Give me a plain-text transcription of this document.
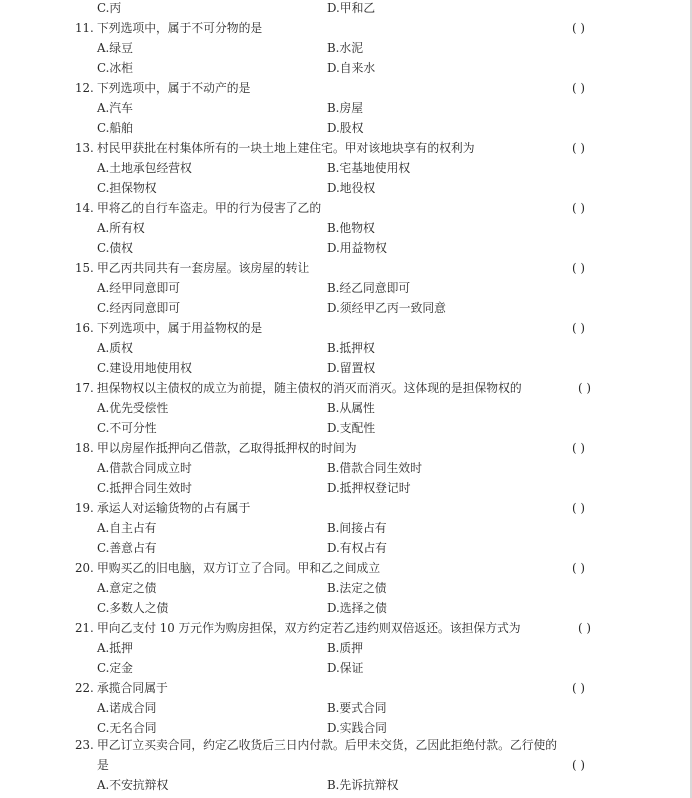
C.丙	D.甲和乙
11. 下列选项中，属于不可分物的是	( )
A.绿豆	B.水泥
C.冰柜	D.自来水
12. 下列选项中，属于不动产的是	( )
A.汽车	B.房屋
C.船舶	D.股权
13. 村民甲获批在村集体所有的一块土地上建住宅。甲对该地块享有的权利为	( )
A.土地承包经营权	B.宅基地使用权
C.担保物权	D.地役权
14. 甲将乙的自行车盗走。甲的行为侵害了乙的	( )
A.所有权	B.他物权
C.债权	D.用益物权
15. 甲乙丙共同共有一套房屋。该房屋的转让	( )
A.经甲同意即可	B.经乙同意即可
C.经丙同意即可	D.须经甲乙丙一致同意
16. 下列选项中，属于用益物权的是	( )
A.质权	B.抵押权
C.建设用地使用权	D.留置权
17. 担保物权以主债权的成立为前提，随主债权的消灭而消灭。这体现的是担保物权的	( )
A.优先受偿性	B.从属性
C.不可分性	D.支配性
18. 甲以房屋作抵押向乙借款，乙取得抵押权的时间为	( )
A.借款合同成立时	B.借款合同生效时
C.抵押合同生效时	D.抵押权登记时
19. 承运人对运输货物的占有属于	( )
A.自主占有	B.间接占有
C.善意占有	D.有权占有
20. 甲购买乙的旧电脑，双方订立了合同。甲和乙之间成立	( )
A.意定之债	B.法定之债
C.多数人之债	D.选择之债
21. 甲向乙支付 10 万元作为购房担保，双方约定若乙违约则双倍返还。该担保方式为	( )
A.抵押	B.质押
C.定金	D.保证
22. 承揽合同属于	( )
A.诺成合同	B.要式合同
C.无名合同	D.实践合同
23. 甲乙订立买卖合同，约定乙收货后三日内付款。后甲未交货，乙因此拒绝付款。乙行使的
是	( )
A.不安抗辩权	B.先诉抗辩权
